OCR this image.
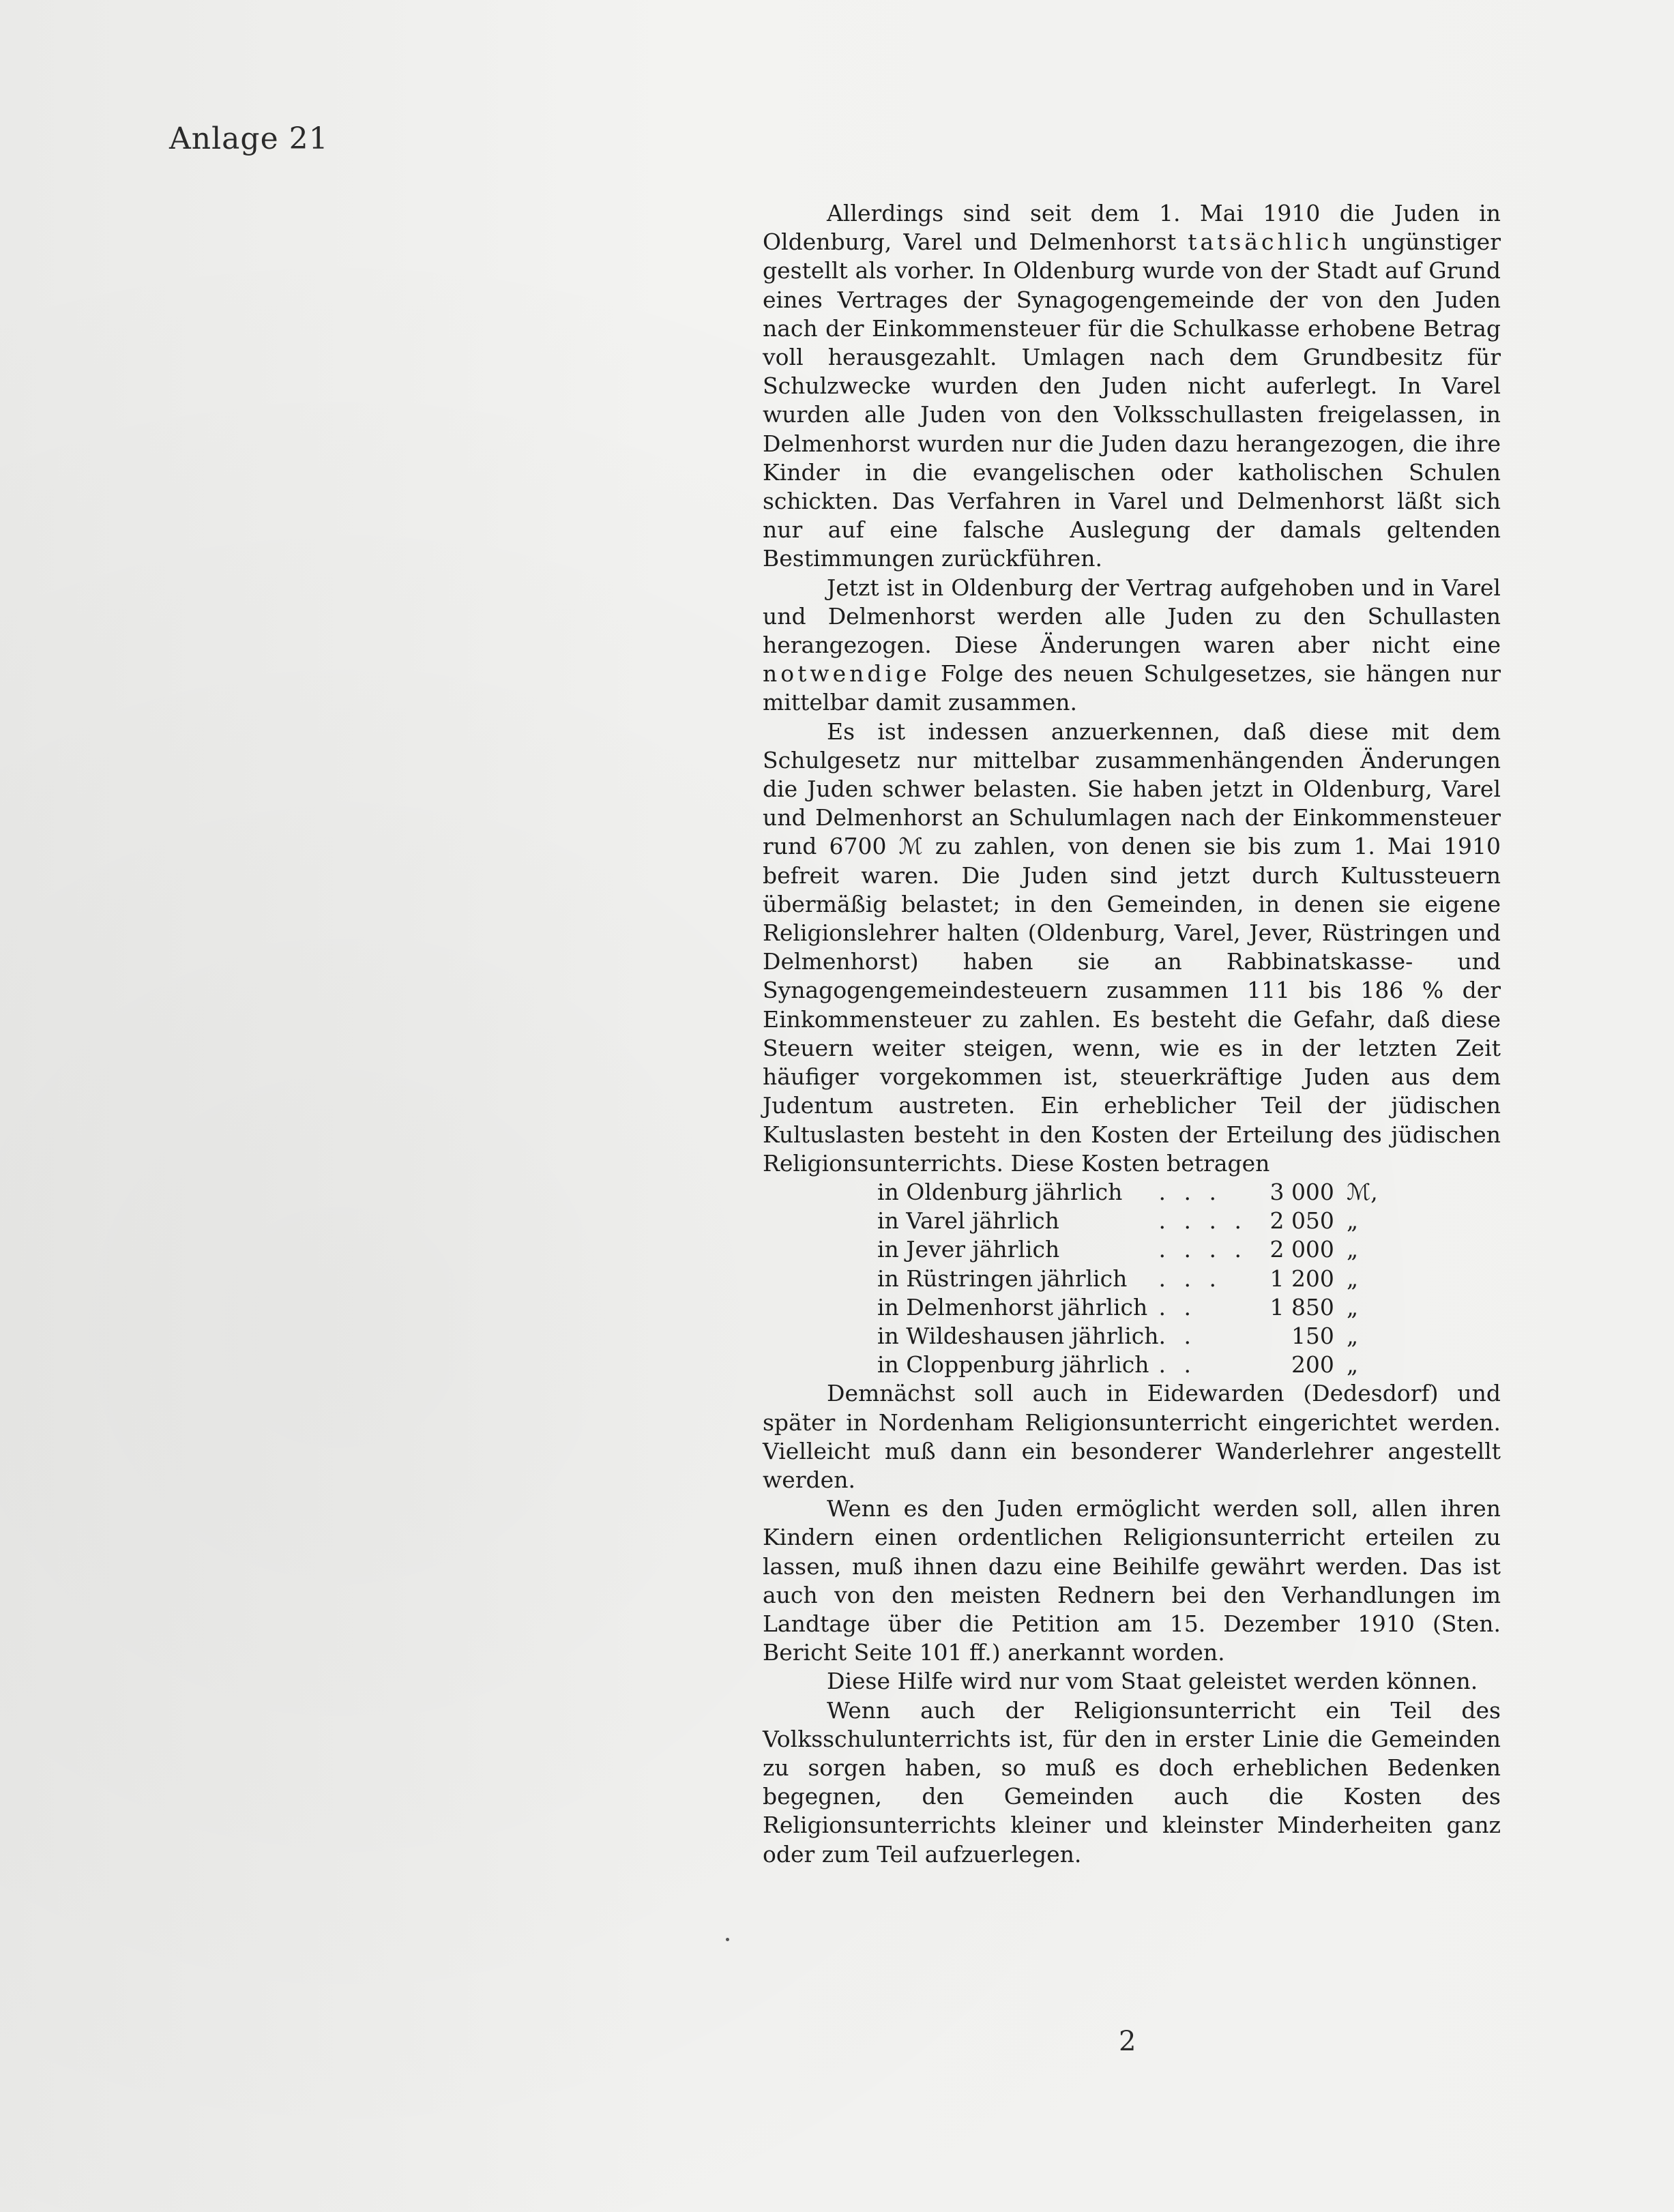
Anlage 21

Allerdings sind seit dem 1. Mai 1910 die Juden in Oldenburg, Varel und Delmenhorst tatsächlich ungünstiger gestellt als vorher. In Oldenburg wurde von der Stadt auf Grund eines Vertrages der Synagogengemeinde der von den Juden nach der Einkommensteuer für die Schulkasse erhobene Betrag voll herausgezahlt. Umlagen nach dem Grundbesitz für Schulzwecke wurden den Juden nicht auferlegt. In Varel wurden alle Juden von den Volksschullasten freigelassen, in Delmenhorst wurden nur die Juden dazu herangezogen, die ihre Kinder in die evangelischen oder katholischen Schulen schickten. Das Verfahren in Varel und Delmenhorst läßt sich nur auf eine falsche Auslegung der damals geltenden Bestimmungen zurückführen.

Jetzt ist in Oldenburg der Vertrag aufgehoben und in Varel und Delmenhorst werden alle Juden zu den Schullasten herangezogen. Diese Änderungen waren aber nicht eine notwendige Folge des neuen Schulgesetzes, sie hängen nur mittelbar damit zusammen.

Es ist indessen anzuerkennen, daß diese mit dem Schulgesetz nur mittelbar zusammenhängenden Änderungen die Juden schwer belasten. Sie haben jetzt in Oldenburg, Varel und Delmenhorst an Schulumlagen nach der Einkommensteuer rund 6700 ℳ zu zahlen, von denen sie bis zum 1. Mai 1910 befreit waren. Die Juden sind jetzt durch Kultussteuern übermäßig belastet; in den Gemeinden, in denen sie eigene Religionslehrer halten (Oldenburg, Varel, Jever, Rüstringen und Delmenhorst) haben sie an Rabbinatskasse- und Synagogengemeindesteuern zusammen 111 bis 186 % der Einkommensteuer zu zahlen. Es besteht die Gefahr, daß diese Steuern weiter steigen, wenn, wie es in der letzten Zeit häufiger vorgekommen ist, steuerkräftige Juden aus dem Judentum austreten. Ein erheblicher Teil der jüdischen Kultuslasten besteht in den Kosten der Erteilung des jüdischen Religionsunterrichts. Diese Kosten betragen

in Oldenburg jährlich	. . .	3 000	ℳ,
in Varel jährlich	. . . .	2 050	„
in Jever jährlich	. . . .	2 000	„
in Rüstringen jährlich	. . .	1 200	„
in Delmenhorst jährlich	. .	1 850	„
in Wildeshausen jährlich	. .	150	„
in Cloppenburg jährlich	. .	200	„

Demnächst soll auch in Eidewarden (Dedesdorf) und später in Nordenham Religionsunterricht eingerichtet werden. Vielleicht muß dann ein besonderer Wanderlehrer angestellt werden.

Wenn es den Juden ermöglicht werden soll, allen ihren Kindern einen ordentlichen Religionsunterricht erteilen zu lassen, muß ihnen dazu eine Beihilfe gewährt werden. Das ist auch von den meisten Rednern bei den Verhandlungen im Landtage über die Petition am 15. Dezember 1910 (Sten. Bericht Seite 101 ff.) anerkannt worden.

Diese Hilfe wird nur vom Staat geleistet werden können.

Wenn auch der Religionsunterricht ein Teil des Volksschulunterrichts ist, für den in erster Linie die Gemeinden zu sorgen haben, so muß es doch erheblichen Bedenken begegnen, den Gemeinden auch die Kosten des Religionsunterrichts kleiner und kleinster Minderheiten ganz oder zum Teil aufzuerlegen.

2
